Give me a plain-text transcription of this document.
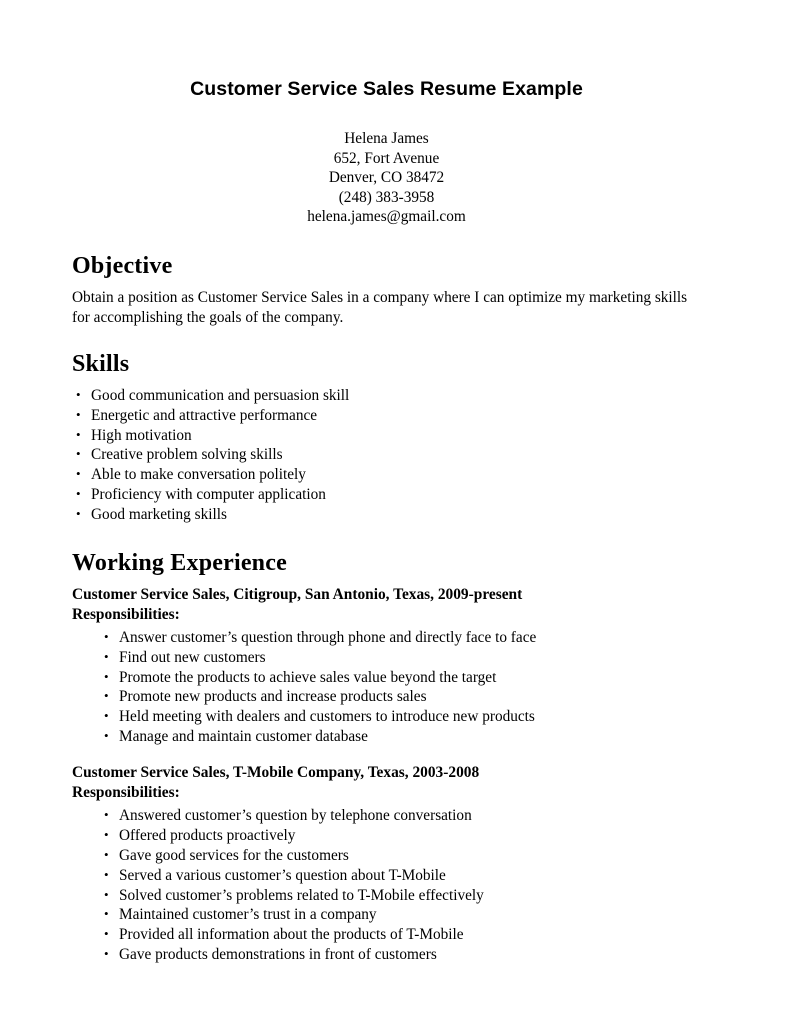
Customer Service Sales Resume Example
Helena James
652, Fort Avenue
Denver, CO 38472
(248) 383-3958
helena.james@gmail.com
Objective

Obtain a position as Customer Service Sales in a company where I can optimize my marketing skills for accomplishing the goals of the company.

Skills
• Good communication and persuasion skill
• Energetic and attractive performance
• High motivation
• Creative problem solving skills
• Able to make conversation politely
• Proficiency with computer application
• Good marketing skills
Working Experience

Customer Service Sales, Citigroup, San Antonio, Texas, 2009-present

Responsibilities:

• Answer customer’s question through phone and directly face to face
• Find out new customers
• Promote the products to achieve sales value beyond the target
• Promote new products and increase products sales
• Held meeting with dealers and customers to introduce new products
• Manage and maintain customer database

Customer Service Sales, T-Mobile Company, Texas, 2003-2008

Responsibilities:

• Answered customer’s question by telephone conversation
• Offered products proactively
• Gave good services for the customers
• Served a various customer’s question about T-Mobile
• Solved customer’s problems related to T-Mobile effectively
• Maintained customer’s trust in a company
• Provided all information about the products of T-Mobile
• Gave products demonstrations in front of customers
